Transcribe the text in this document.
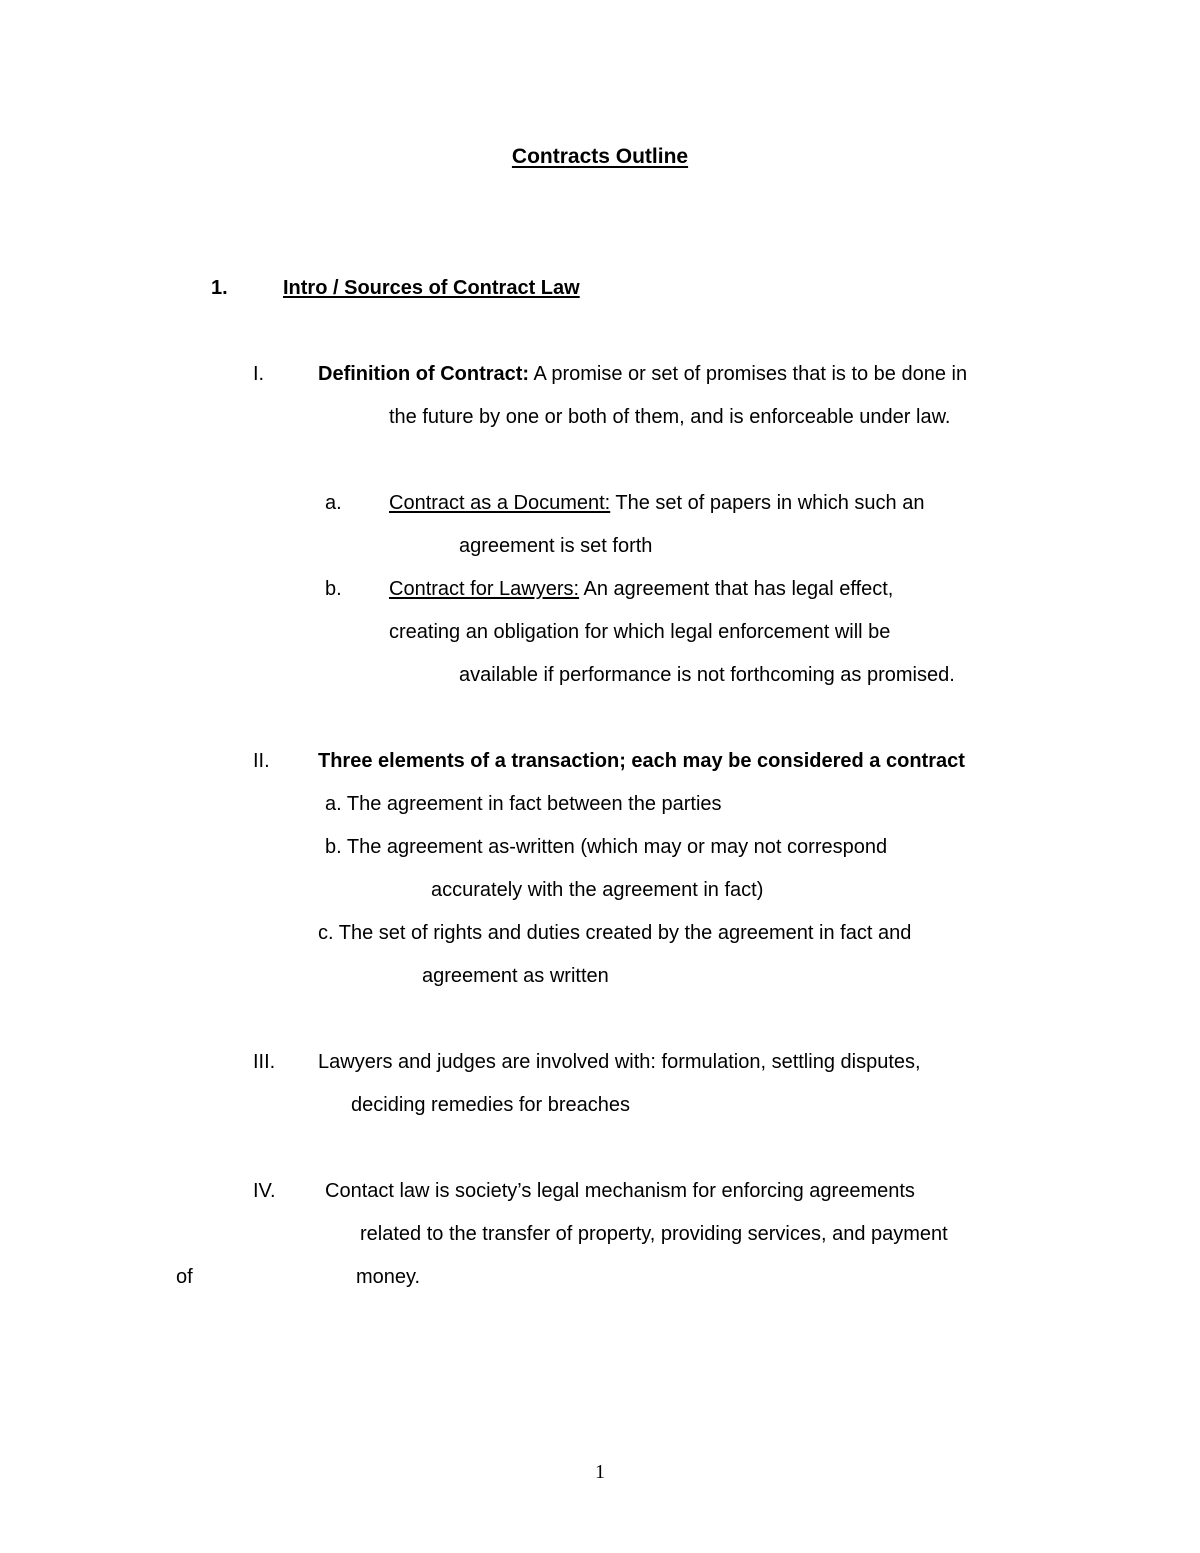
Contracts Outline
1.	Intro / Sources of Contract Law
I.	Definition of Contract: A promise or set of promises that is to be done in
the future by one or both of them, and is enforceable under law.
a. Contract as a Document: The set of papers in which such an
agreement is set forth
b. Contract for Lawyers: An agreement that has legal effect,
creating an obligation for which legal enforcement will be
available if performance is not forthcoming as promised.
II. Three elements of a transaction; each may be considered a contract
a. The agreement in fact between the parties
b. The agreement as-written (which may or may not correspond
accurately with the agreement in fact)
c. The set of rights and duties created by the agreement in fact and
agreement as written
III. Lawyers and judges are involved with: formulation, settling disputes,
deciding remedies for breaches
IV. Contact law is society’s legal mechanism for enforcing agreements
related to the transfer of property, providing services, and payment
of	money.
1
